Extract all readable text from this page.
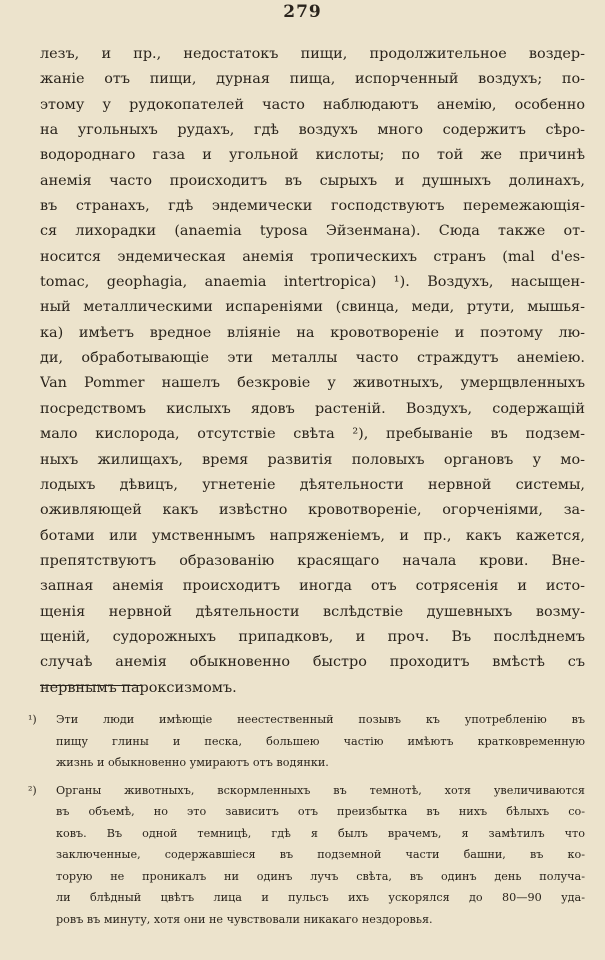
279
лезъ, и пр., недостатокъ пищи, продолжительное воздер-
жаніе отъ пищи, дурная пища, испорченный воздухъ; по-
этому у рудокопателей часто наблюдаютъ анемію, особенно
на угольныхъ рудахъ, гдѣ воздухъ много содержитъ сѣро-
водороднаго газа и угольной кислоты; по той же причинѣ
анемія часто происходитъ въ сырыхъ и душныхъ долинахъ,
въ странахъ, гдѣ эндемически господствуютъ перемежающія-
ся лихорадки (anaemia typosa Эйзенмана). Сюда также от-
носится эндемическая анемія тропическихъ странъ (mal d'es-
tomac, geophagia, anaemia intertropica) ¹). Воздухъ, насыщен-
ный металлическими испареніями (свинца, меди, ртути, мышья-
ка) имѣетъ вредное вліяніе на кровотвореніе и поэтому лю-
ди, обработывающіе эти металлы часто страждутъ анеміею.
Van Pommer нашелъ безкровіе у животныхъ, умерщвленныхъ
посредствомъ кислыхъ ядовъ растеній. Воздухъ, содержащій
мало кислорода, отсутствіе свѣта ²), пребываніе въ подзем-
ныхъ жилищахъ, время развитія половыхъ органовъ у мо-
лодыхъ дѣвицъ, угнетеніе дѣятельности нервной системы,
оживляющей какъ извѣстно кровотвореніе, огорченіями, за-
ботами или умственнымъ напряженіемъ, и пр., какъ кажется,
препятствуютъ образованію красящаго начала крови. Вне-
запная анемія происходитъ иногда отъ сотрясенія и исто-
щенія нервной дѣятельности вслѣдствіе душевныхъ возму-
щеній, судорожныхъ припадковъ, и проч. Въ послѣднемъ
случаѣ анемія обыкновенно быстро проходитъ вмѣстѣ съ
нервнымъ пароксизмомъ.
¹) Эти люди имѣющіе неестественный позывъ къ употребленію въ
пищу глины и песка, большею частію имѣютъ кратковременную
жизнь и обыкновенно умираютъ отъ водянки.
²) Органы животныхъ, вскормленныхъ въ темнотѣ, хотя увеличиваются
въ объемѣ, но это зависитъ отъ преизбытка въ нихъ бѣлыхъ со-
ковъ. Въ одной темницѣ, гдѣ я былъ врачемъ, я замѣтилъ что
заключенные, содержавшіеся въ подземной части башни, въ ко-
торую не проникалъ ни одинъ лучъ свѣта, въ одинъ день получа-
ли блѣдный цвѣтъ лица и пульсъ ихъ ускорялся до 80—90 уда-
ровъ въ минуту, хотя они не чувствовали никакаго нездоровья.
